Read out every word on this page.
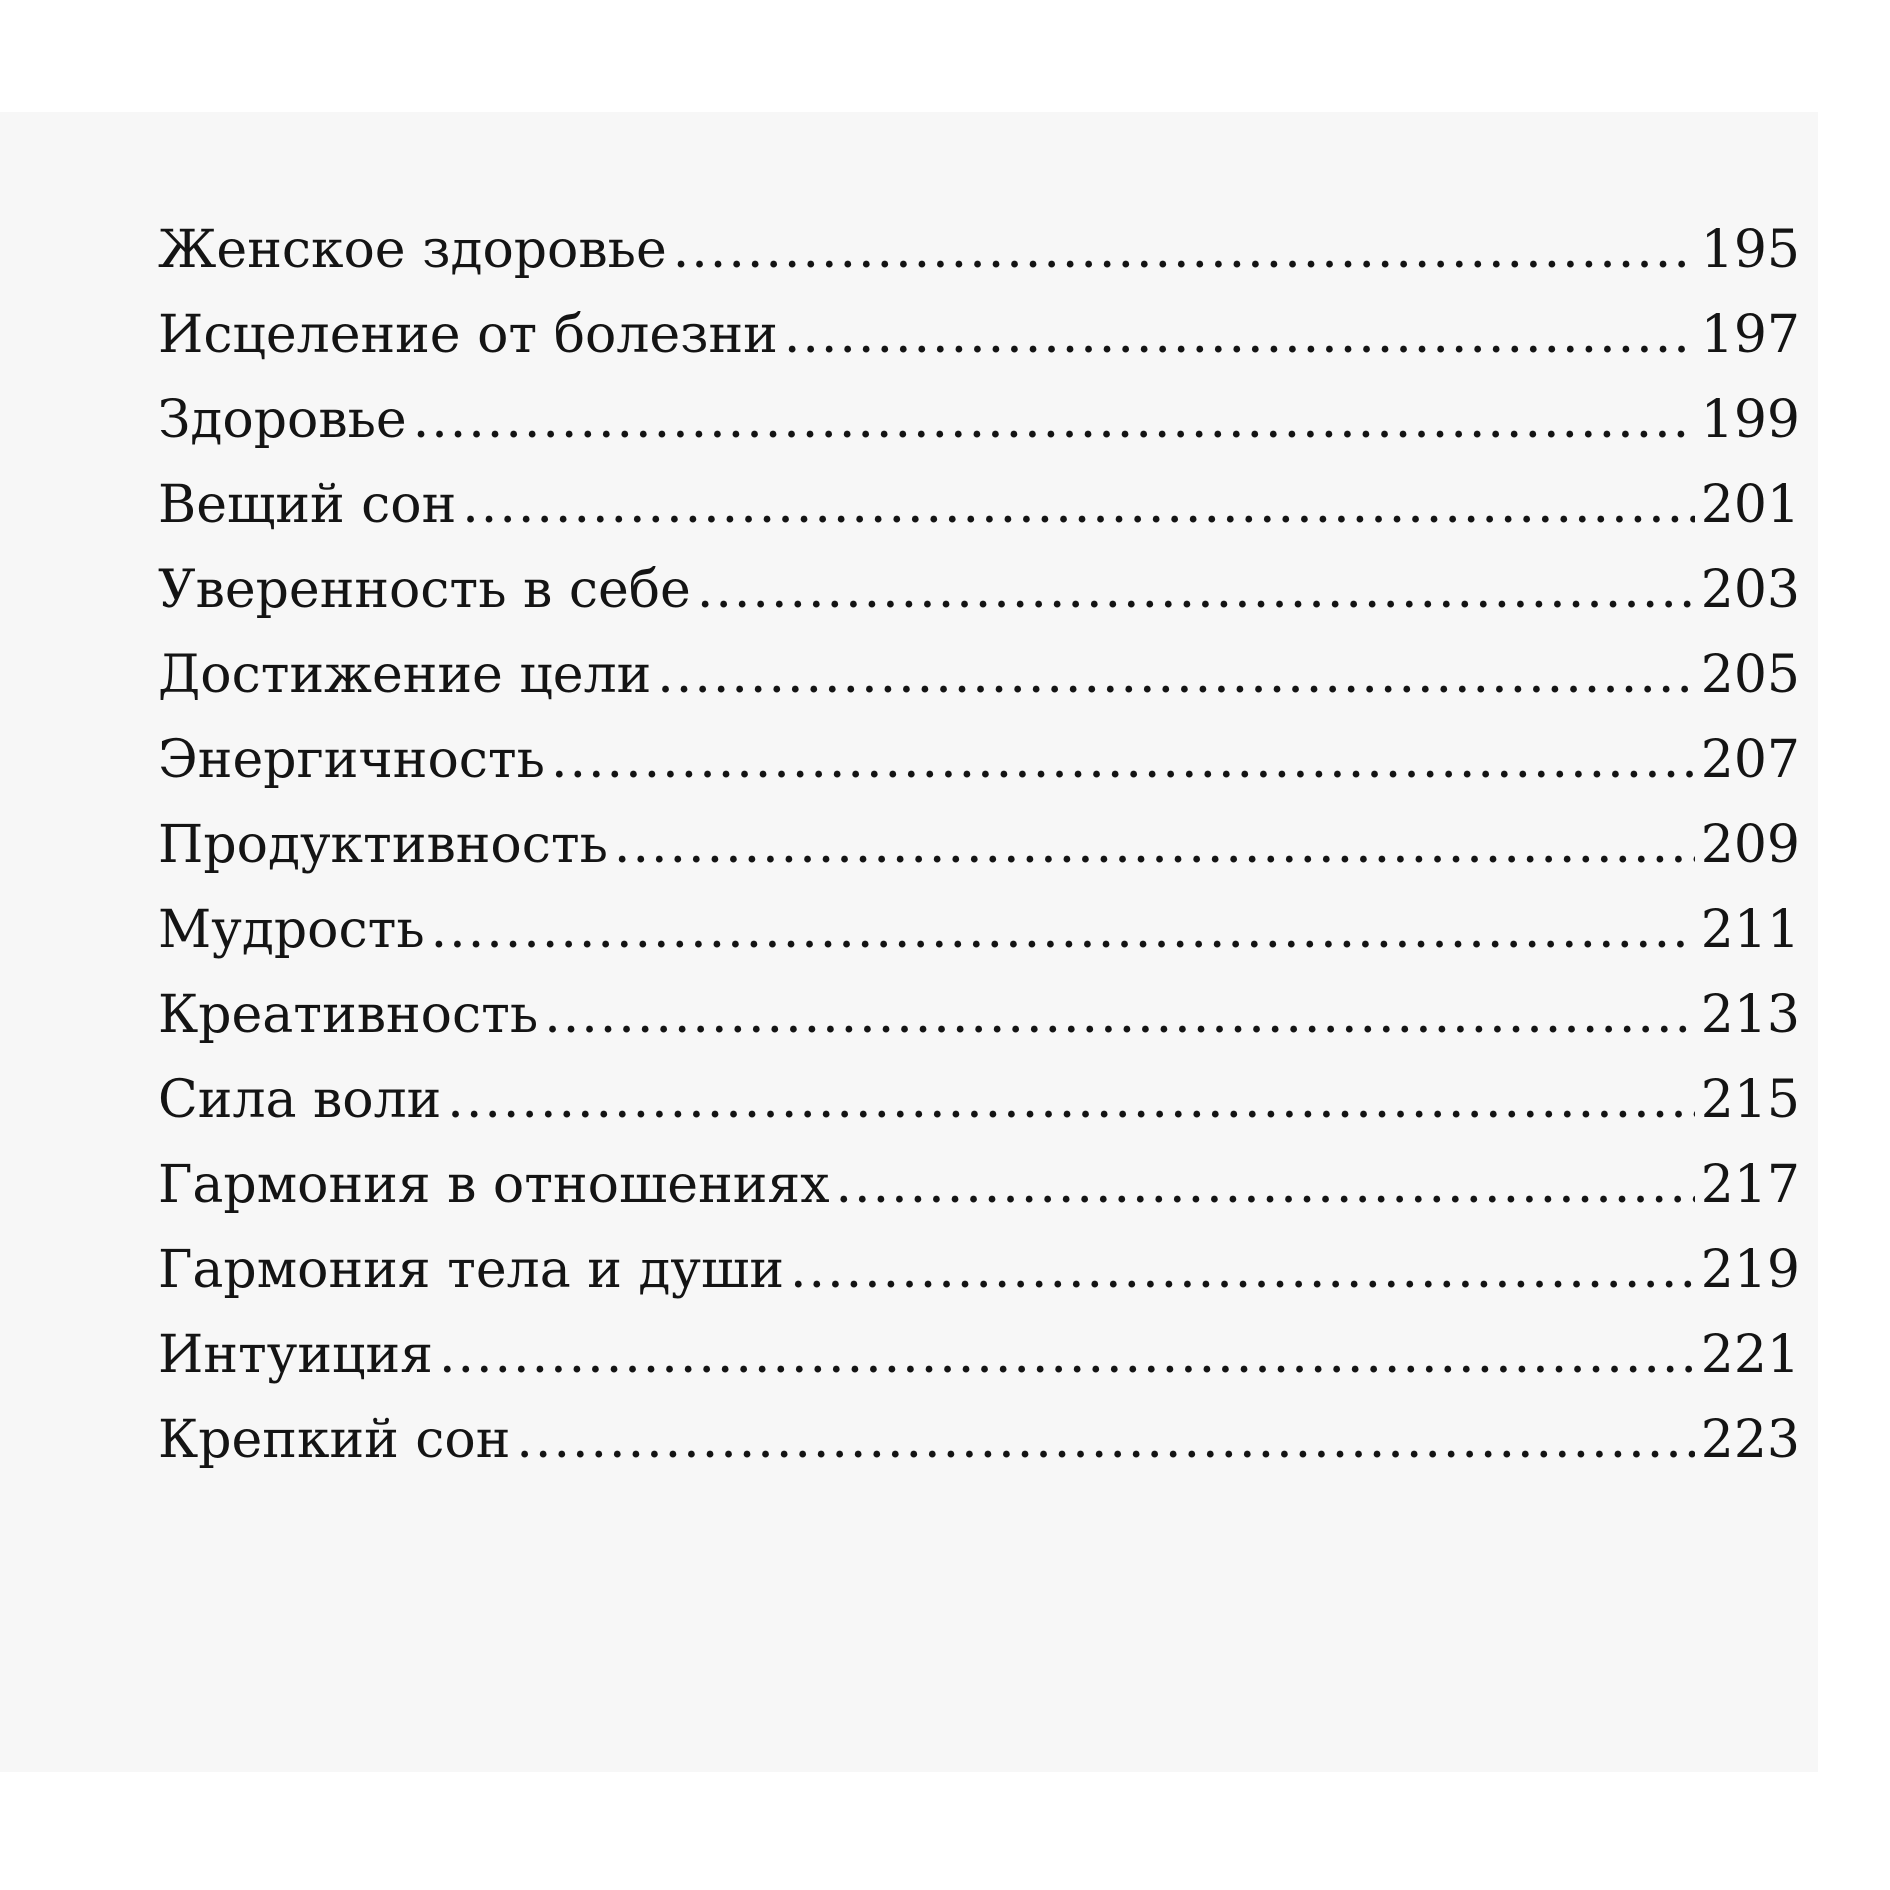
Женское здоровье .....	195
Исцеление от болезни .....	197
Здоровье .....	199
Вещий сон .....	201
Уверенность в себе .....	203
Достижение цели .....	205
Энергичность .....	207
Продуктивность .....	209
Мудрость .....	211
Креативность .....	213
Сила воли .....	215
Гармония в отношениях .....	217
Гармония тела и души .....	219
Интуиция .....	221
Крепкий сон .....	223
